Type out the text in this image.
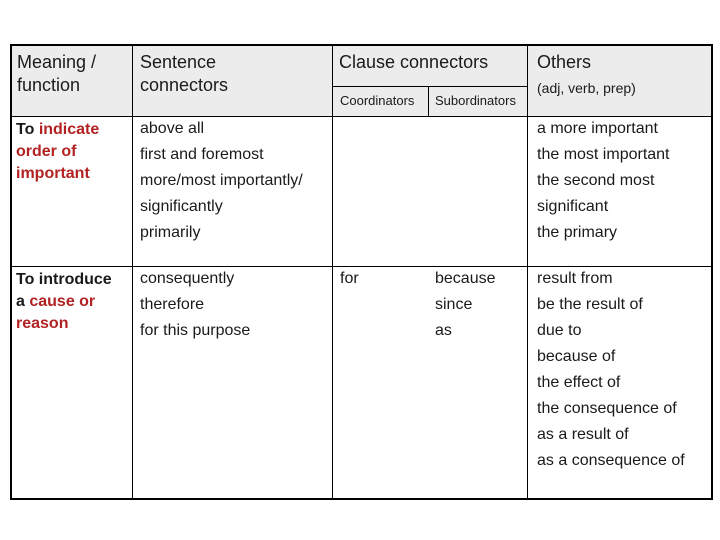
Meaning /
function
Sentence
connectors
Clause connectors
Coordinators Subordinators
Others
(adj, verb, prep)
To indicate
order of
important
above all
first and foremost
more/most importantly/
significantly
primarily
a more important
the most important
the second most
significant
the primary
To introduce
a cause or
reason
consequently
therefore
for this purpose
for	because
since
as
result from
be the result of
due to
because of
the effect of
the consequence of
as a result of
as a consequence of
